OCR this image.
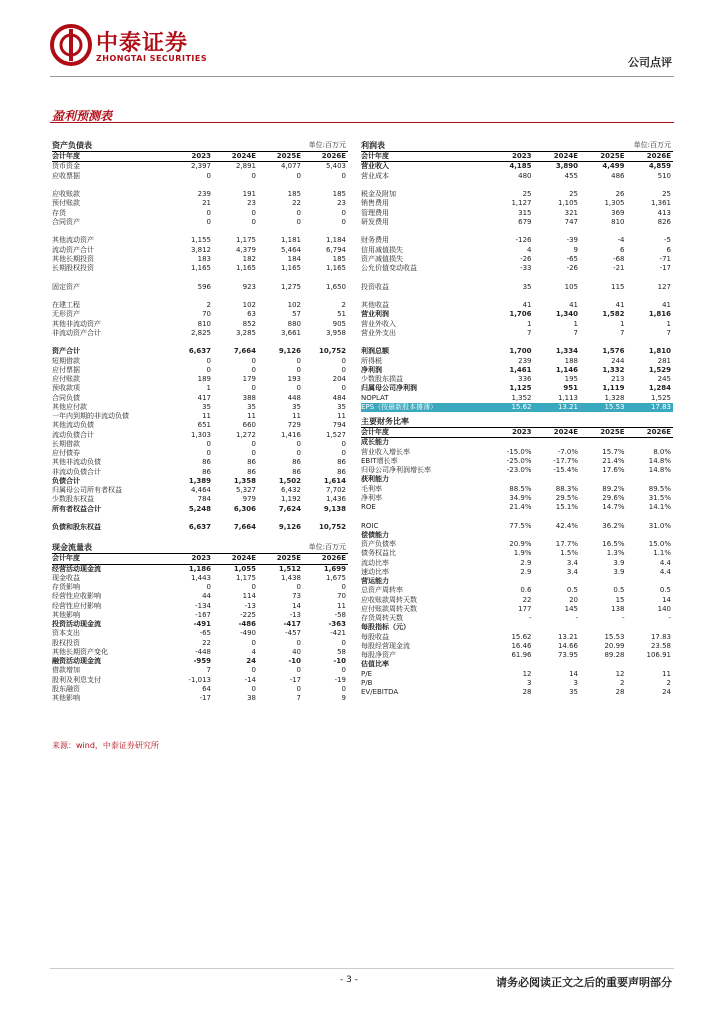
中泰证券
ZHONGTAI SECURITIES	公司点评
盈利预测表
资产负债表	单位:百万元
会计年度	2023	2024E	2025E	2026E
货币资金	2,397	2,891	4,077	5,403
应收票据	0	0	0	0

应收账款	239	191	185	185
预付账款	21	23	22	23
存货	0	0	0	0
合同资产	0	0	0	0

其他流动资产	1,155	1,175	1,181	1,184
流动资产合计	3,812	4,379	5,464	6,794
其他长期投资	183	182	184	185
长期股权投资	1,165	1,165	1,165	1,165

固定资产	596	923	1,275	1,650

在建工程	2	102	102	2
无形资产	70	63	57	51
其他非流动资产	810	852	880	905
非流动资产合计	2,825	3,285	3,661	3,958

资产合计	6,637	7,664	9,126	10,752
短期借款	0	0	0	0
应付票据	0	0	0	0
应付账款	189	179	193	204
预收款项	1	0	0	0
合同负债	417	388	448	484
其他应付款	35	35	35	35
一年内到期的非流动负债	11	11	11	11
其他流动负债	651	660	729	794
流动负债合计	1,303	1,272	1,416	1,527
长期借款	0	0	0	0
应付债券	0	0	0	0
其他非流动负债	86	86	86	86
非流动负债合计	86	86	86	86
负债合计	1,389	1,358	1,502	1,614
归属母公司所有者权益	4,464	5,327	6,432	7,702
少数股东权益	784	979	1,192	1,436
所有者权益合计	5,248	6,306	7,624	9,138

负债和股东权益	6,637	7,664	9,126	10,752
现金流量表	单位:百万元
会计年度	2023	2024E	2025E	2026E
经营活动现金流	1,186	1,055	1,512	1,699
现金收益	1,443	1,175	1,438	1,675
存货影响	0	0	0	0
经营性应收影响	44	114	73	70
经营性应付影响	-134	-13	14	11
其他影响	-167	-225	-13	-58
投资活动现金流	-491	-486	-417	-363
资本支出	-65	-490	-457	-421
股权投资	22	0	0	0
其他长期资产变化	-448	4	40	58
融资活动现金流	-959	24	-10	-10
借款增加	7	0	0	0
股利及利息支付	-1,013	-14	-17	-19
股东融资	64	0	0	0
其他影响	-17	38	7	9
利润表	单位:百万元
会计年度	2023	2024E	2025E	2026E
营业收入	4,185	3,890	4,499	4,859
营业成本	480	455	486	510

税金及附加	25	25	26	25
销售费用	1,127	1,105	1,305	1,361
管理费用	315	321	369	413
研发费用	679	747	810	826

财务费用	-126	-39	-4	-5
信用减值损失	4	9	6	6
资产减值损失	-26	-65	-68	-71
公允价值变动收益	-33	-26	-21	-17

投资收益	35	105	115	127

其他收益	41	41	41	41
营业利润	1,706	1,340	1,582	1,816
营业外收入	1	1	1	1
营业外支出	7	7	7	7

利润总额	1,700	1,334	1,576	1,810
所得税	239	188	244	281
净利润	1,461	1,146	1,332	1,529
少数股东损益	336	195	213	245
归属母公司净利润	1,125	951	1,119	1,284
NOPLAT	1,352	1,113	1,328	1,525
EPS（按最新股本摊薄）	15.62	13.21	15.53	17.83
主要财务比率
会计年度	2023	2024E	2025E	2026E
成长能力				
营业收入增长率	-15.0%	-7.0%	15.7%	8.0%
EBIT增长率	-25.0%	-17.7%	21.4%	14.8%
归母公司净利润增长率	-23.0%	-15.4%	17.6%	14.8%
获利能力				
毛利率	88.5%	88.3%	89.2%	89.5%
净利率	34.9%	29.5%	29.6%	31.5%
ROE	21.4%	15.1%	14.7%	14.1%

ROIC	77.5%	42.4%	36.2%	31.0%
偿债能力				
资产负债率	20.9%	17.7%	16.5%	15.0%
债务权益比	1.9%	1.5%	1.3%	1.1%
流动比率	2.9	3.4	3.9	4.4
速动比率	2.9	3.4	3.9	4.4
营运能力				
总资产周转率	0.6	0.5	0.5	0.5
应收账款周转天数	22	20	15	14
应付账款周转天数	177	145	138	140
存货周转天数	-	-	-	-
每股指标（元）				
每股收益	15.62	13.21	15.53	17.83
每股经营现金流	16.46	14.66	20.99	23.58
每股净资产	61.96	73.95	89.28	106.91
估值比率				
P/E	12	14	12	11
P/B	3	3	2	2
EV/EBITDA	28	35	28	24
来源：wind，中泰证券研究所
- 3 -	请务必阅读正文之后的重要声明部分
